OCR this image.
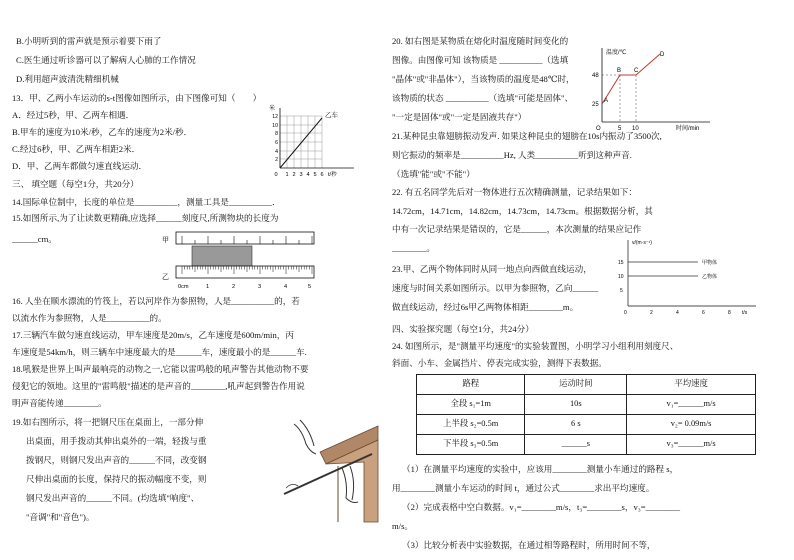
B.小明听到的雷声就是预示着要下雨了

C.医生通过听诊器可以了解病人心肺的工作情况

D.利用超声波清洗精细机械

13．甲、乙两小车运动的s-t图像如图所示，由下图像可知（　　）

A．经过5秒，甲、乙两车相遇．

B.甲车的速度为10米/秒，乙车的速度为2米/秒．

C.经过6秒，甲、乙两车相距2米．

D．甲、乙两车都做匀速直线运动．

米
乙车
12
10
8
6
4
2
0 1 2 3 4 5 6 t/秒

三、 填空题（每空1分，共20分）

14.国际单位制中，长度的单位是__________，测量工具是__________．

15.如图所示,为了让读数更精确,应选择______刻度尺,所测物块的长度为

______cm。	甲
乙
0cm	1	2	3	4	5

16. 人坐在顺水漂流的竹筏上，若以河岸作为参照物，人是__________的，若

以流水作为参照物，人是__________的。

17.三辆汽车做匀速直线运动，甲车速度是20m/s，乙车速度是600m/min，丙

车速度是54km/h，则三辆车中速度最大的是______车，速度最小的是______车.

18.吼猴是世界上叫声最响亮的动物之一,它能以雷鸣般的吼声警告其他动物不要

侵犯它的领地。这里的"雷鸣般"描述的是声音的________,吼声起到警告作用说

明声音能传递________。

19.如右图所示，将一把钢尺压在桌面上，一部分伸

出桌面，用手拨动其伸出桌外的一端，轻拨与重

拨钢尺，则钢尺发出声音的______不同，改变钢

尺伸出桌面的长度，保持尺的振动幅度不变，则

钢尺发出声音的______不同。(均选填"响度"、

"音调"和"音色")。

20. 如右图是某物质在熔化时温度随时间变化的

图像。由图像可知 该物质是 __________（选填

"晶体"或"非晶体"），当该物质的温度是48℃时，

该物质的状态 __________（选填"可能是固体"、

"一定是固体"或"一定是固液共存"）

温度/℃
48
25
O	5 10	时间/min
A
B C
D

21.某种昆虫靠翅膀振动发声. 如果这种昆虫的翅膀在10s内振动了3500次,

则它振动的频率是__________Hz, 人类__________听到这种声音.

（选填"能"或"不能"）

22. 有五名同学先后对一物体进行五次精确测量，记录结果如下：

14.72cm，14.71cm，14.82cm，14.73cm，14.73cm。根据数据分析，其

中有一次记录结果是错误的，它是______，本次测量的结果应记作

________。

23.甲、乙两个物体同时从同一地点向西做直线运动，

速度与时间关系如图所示。以甲为参照物，乙向______

做直线运动，经过6s甲乙两物体相距________m。

v/(m·s⁻¹)
甲物体
乙物体
15
10
5
0	2	4	6	8 t/s

四、实验探究题（每空1分，共24分）

24. 如图所示，是"测量平均速度"的实验装置图，小明学习小组利用刻度尺、

斜面、小车、金属挡片、停表完成实验，测得下表数据。

路程	运动时间	平均速度
全段 s₁=1m	10s	v₁=______m/s
上半段 s₂=0.5m	6 s	v₂= 0.09m/s
下半段 s₃=0.5m	______s	v₃=______m/s

（1）在测量平均速度的实验中，应该用________测量小车通过的路程 s，

用________测量小车运动的时间 t，通过公式________求出平均速度。

（2）完成表格中空白数据。v₁=________m/s，t₃=________s，v₃=________

m/s。

（3）比较分析表中实验数据，在通过相等路程时，所用时间不等，
